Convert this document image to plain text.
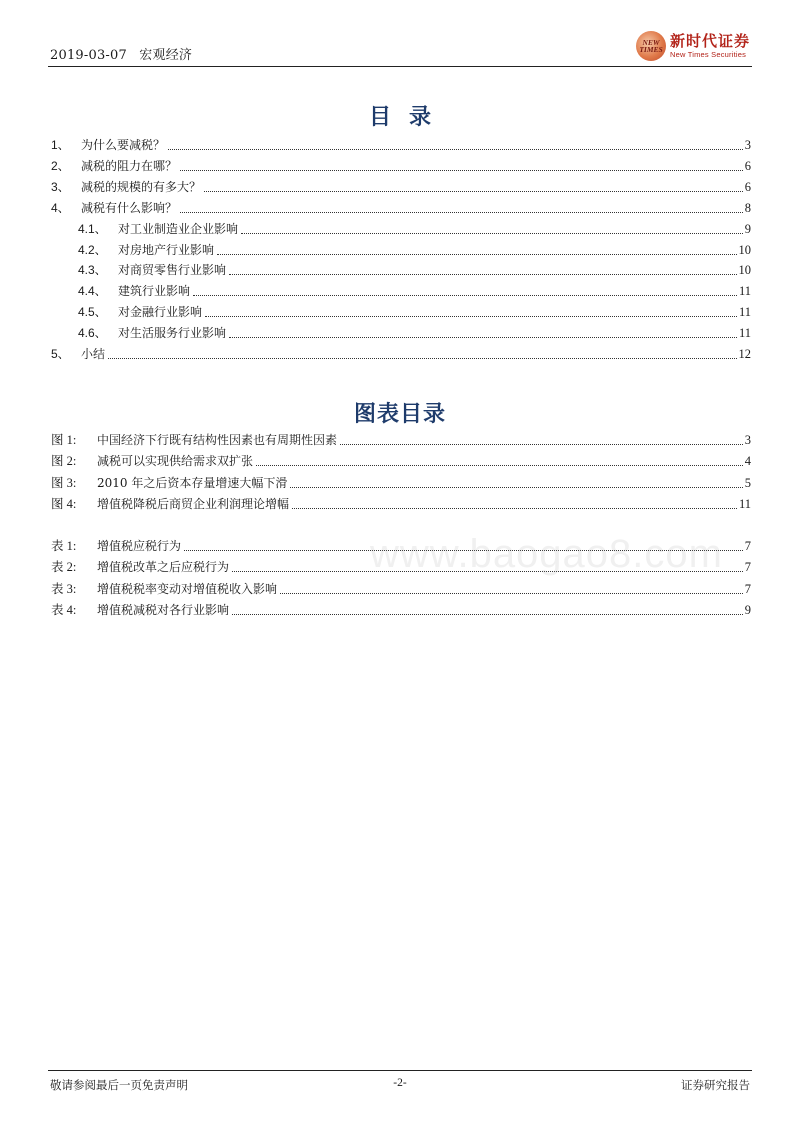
2019-03-07 宏观经济
NEW TIMES 新时代证券
New Times Securities
目录
1、 为什么要减税？	3
2、 减税的阻力在哪？	6
3、 减税的规模的有多大？	6
4、 减税有什么影响？	8
4.1、 对工业制造业企业影响	9
4.2、 对房地产行业影响	10
4.3、 对商贸零售行业影响	10
4.4、 建筑行业影响	11
4.5、 对金融行业影响	11
4.6、 对生活服务行业影响	11
5、 小结	12
图表目录
图 1:	中国经济下行既有结构性因素也有周期性因素	3
图 2:	减税可以实现供给需求双扩张	4
图 3:	2010 年之后资本存量增速大幅下滑	5
图 4:	增值税降税后商贸企业利润理论增幅	11
表 1:	增值税应税行为	7
表 2:	增值税改革之后应税行为	7
表 3:	增值税税率变动对增值税收入影响	7
表 4:	增值税减税对各行业影响	9
www.baogao8.com
敬请参阅最后一页免责声明	-2-	证券研究报告
